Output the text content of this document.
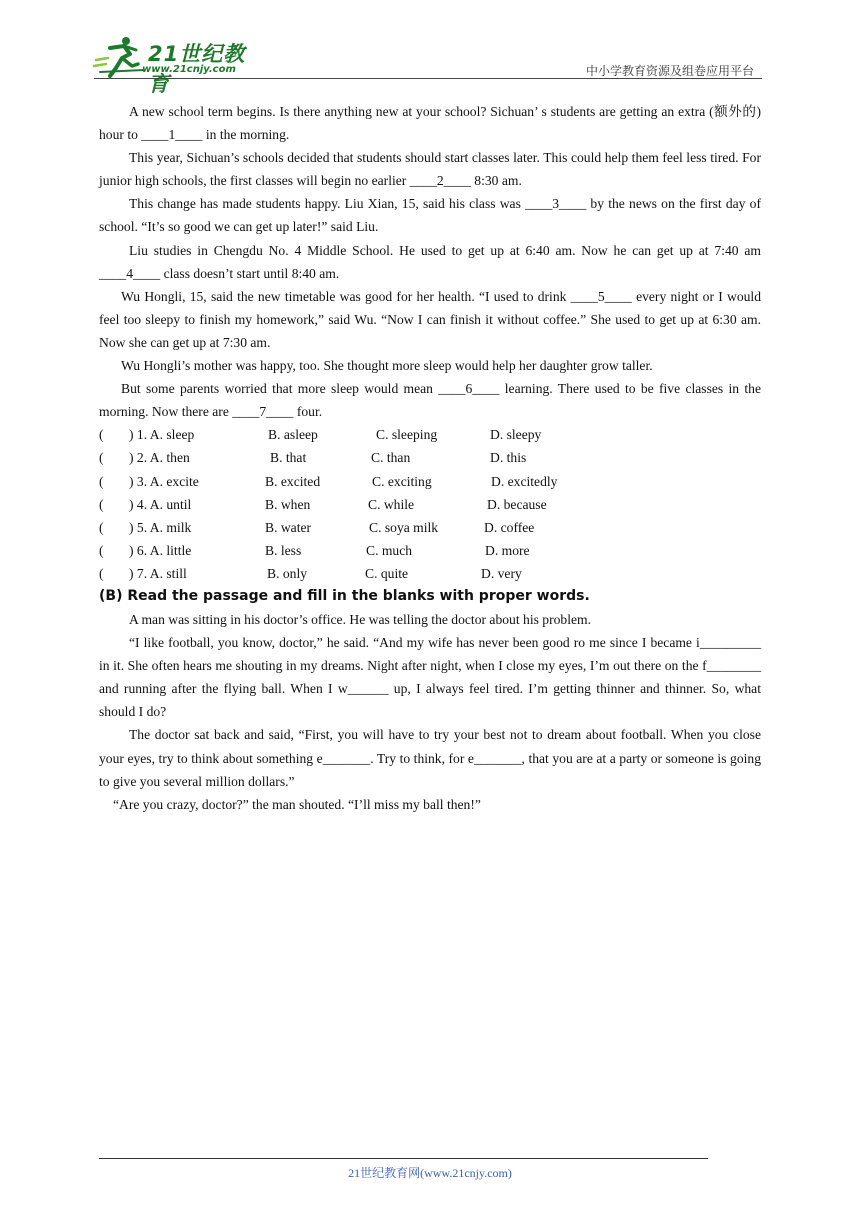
21世纪教育
www.21cnjy.com	中小学教育资源及组卷应用平台

A new school term begins. Is there anything new at your school? Sichuan’ s students are getting an extra (额外的) hour to ____1____ in the morning.

This year, Sichuan’s schools decided that students should start classes later. This could help them feel less tired. For junior high schools, the first classes will begin no earlier ____2____ 8:30 am.

This change has made students happy. Liu Xian, 15, said his class was ____3____ by the news on the first day of school. “It’s so good we can get up later!” said Liu.

Liu studies in Chengdu No. 4 Middle School. He used to get up at 6:40 am. Now he can get up at 7:40 am ____4____ class doesn’t start until 8:40 am.

Wu Hongli, 15, said the new timetable was good for her health. “I used to drink ____5____ every night or I would feel too sleepy to finish my homework,” said Wu. “Now I can finish it without coffee.” She used to get up at 6:30 am. Now she can get up at 7:30 am.

Wu Hongli’s mother was happy, too. She thought more sleep would help her daughter grow taller.

But some parents worried that more sleep would mean ____6____ learning. There used to be five classes in the morning. Now there are ____7____ four.

( ) 1. A. sleep	B. asleep	C. sleeping	D. sleepy
( ) 2. A. then	B. that	C. than	D. this
( ) 3. A. excite	B. excited	C. exciting	D. excitedly
( ) 4. A. until	B. when	C. while	D. because
( ) 5. A. milk	B. water	C. soya milk	D. coffee
( ) 6. A. little	B. less	C. much	D. more
( ) 7. A. still	B. only	C. quite	D. very

(B) Read the passage and fill in the blanks with proper words.

A man was sitting in his doctor’s office. He was telling the doctor about his problem.

“I like football, you know, doctor,” he said. “And my wife has never been good ro me since I became i_________ in it. She often hears me shouting in my dreams. Night after night, when I close my eyes, I’m out there on the f________ and running after the flying ball. When I w______ up, I always feel tired. I’m getting thinner and thinner. So, what should I do?

The doctor sat back and said, “First, you will have to try your best not to dream about football. When you close your eyes, try to think about something e_______. Try to think, for e_______, that you are at a party or someone is going to give you several million dollars.”

“Are you crazy, doctor?” the man shouted. “I’ll miss my ball then!”

21世纪教育网(www.21cnjy.com)
